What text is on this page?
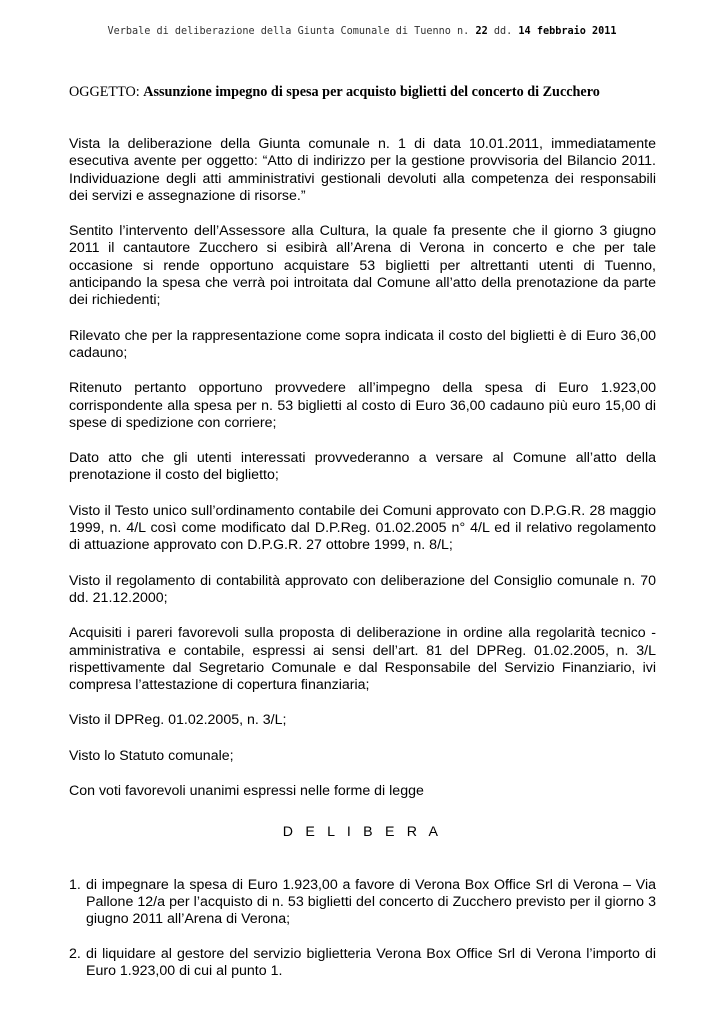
Verbale di deliberazione della Giunta Comunale di Tuenno n. 22 dd. 14 febbraio 2011
OGGETTO: Assunzione impegno di spesa per acquisto biglietti del concerto di Zucchero

Vista la deliberazione della Giunta comunale n. 1 di data 10.01.2011, immediatamente esecutiva avente per oggetto: “Atto di indirizzo per la gestione provvisoria del Bilancio 2011. Individuazione degli atti amministrativi gestionali devoluti alla competenza dei responsabili dei servizi e assegnazione di risorse.”

Sentito l’intervento dell’Assessore alla Cultura, la quale fa presente che il giorno 3 giugno 2011 il cantautore Zucchero si esibirà all’Arena di Verona in concerto e che per tale occasione si rende opportuno acquistare 53 biglietti per altrettanti utenti di Tuenno, anticipando la spesa che verrà poi introitata dal Comune all’atto della prenotazione da parte dei richiedenti;

Rilevato che per la rappresentazione come sopra indicata il costo del biglietti è di Euro 36,00 cadauno;

Ritenuto pertanto opportuno provvedere all’impegno della spesa di Euro 1.923,00 corrispondente alla spesa per n. 53 biglietti al costo di Euro 36,00 cadauno più euro 15,00 di spese di spedizione con corriere;

Dato atto che gli utenti interessati provvederanno a versare al Comune all’atto della prenotazione il costo del biglietto;

Visto il Testo unico sull’ordinamento contabile dei Comuni approvato con D.P.G.R. 28 maggio 1999, n. 4/L così come modificato dal D.P.Reg. 01.02.2005 n° 4/L ed il relativo regolamento di attuazione approvato con D.P.G.R. 27 ottobre 1999, n. 8/L;

Visto il regolamento di contabilità approvato con deliberazione del Consiglio comunale n. 70 dd. 21.12.2000;

Acquisiti i pareri favorevoli sulla proposta di deliberazione in ordine alla regolarità tecnico - amministrativa e contabile, espressi ai sensi dell’art. 81 del DPReg. 01.02.2005, n. 3/L rispettivamente dal Segretario Comunale e dal Responsabile del Servizio Finanziario, ivi compresa l’attestazione di copertura finanziaria;

Visto il DPReg. 01.02.2005, n. 3/L;

Visto lo Statuto comunale;

Con voti favorevoli unanimi espressi nelle forme di legge

D E L I B E R A
1. di impegnare la spesa di Euro 1.923,00 a favore di Verona Box Office Srl di Verona – Via Pallone 12/a per l’acquisto di n. 53 biglietti del concerto di Zucchero previsto per il giorno 3 giugno 2011 all’Arena di Verona;
2. di liquidare al gestore del servizio biglietteria Verona Box Office Srl di Verona l’importo di Euro 1.923,00 di cui al punto 1.
